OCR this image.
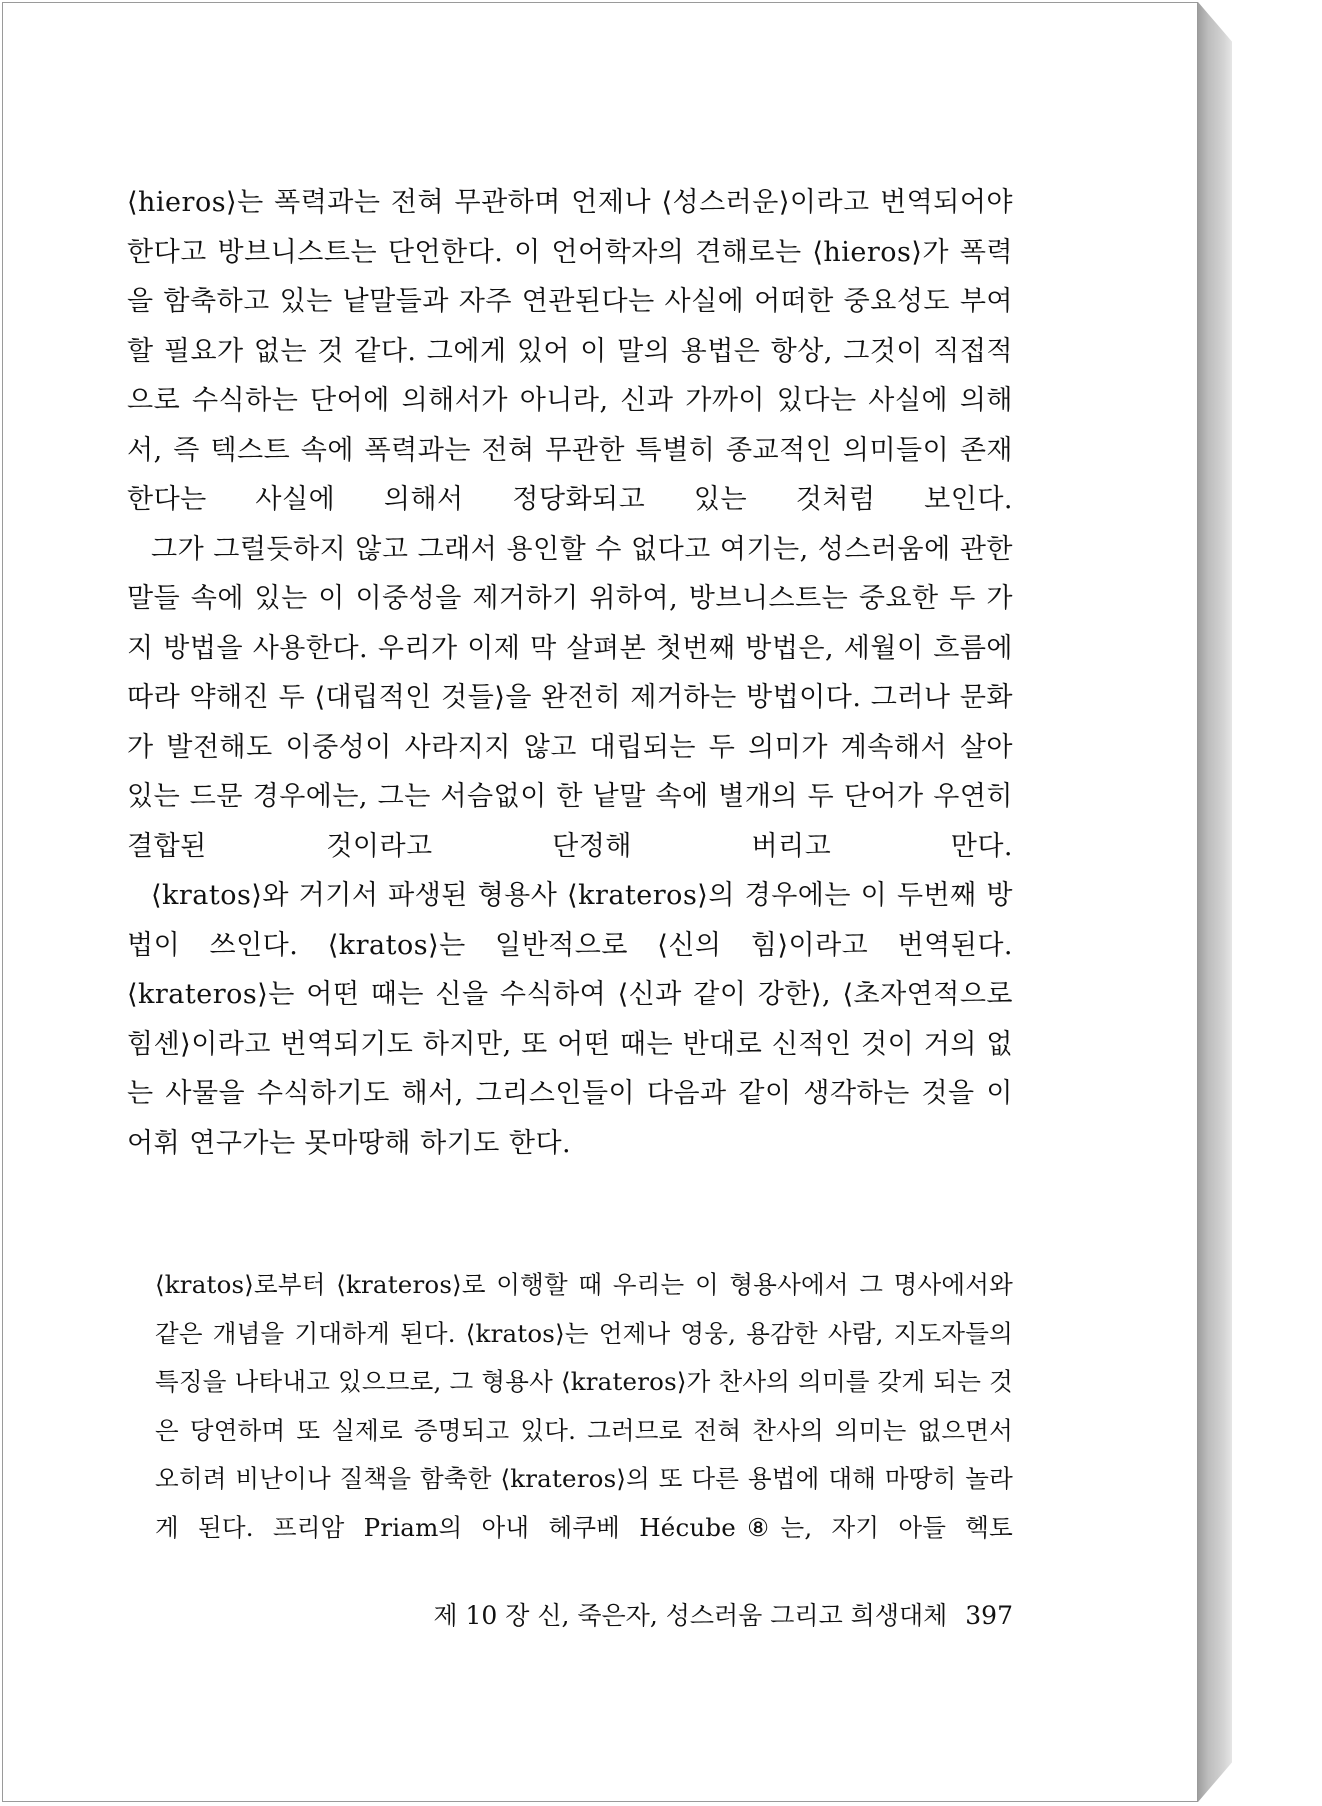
⟨hieros⟩는 폭력과는 전혀 무관하며 언제나 ⟨성스러운⟩이라고 번역되어야 한다고 방브니스트는 단언한다. 이 언어학자의 견해로는 ⟨hieros⟩가 폭력을 함축하고 있는 낱말들과 자주 연관된다는 사실에 어떠한 중요성도 부여할 필요가 없는 것 같다. 그에게 있어 이 말의 용법은 항상, 그것이 직접적으로 수식하는 단어에 의해서가 아니라, 신과 가까이 있다는 사실에 의해서, 즉 텍스트 속에 폭력과는 전혀 무관한 특별히 종교적인 의미들이 존재한다는 사실에 의해서 정당화되고 있는 것처럼 보인다.

그가 그럴듯하지 않고 그래서 용인할 수 없다고 여기는, 성스러움에 관한 말들 속에 있는 이 이중성을 제거하기 위하여, 방브니스트는 중요한 두 가지 방법을 사용한다. 우리가 이제 막 살펴본 첫번째 방법은, 세월이 흐름에 따라 약해진 두 ⟨대립적인 것들⟩을 완전히 제거하는 방법이다. 그러나 문화가 발전해도 이중성이 사라지지 않고 대립되는 두 의미가 계속해서 살아 있는 드문 경우에는, 그는 서슴없이 한 낱말 속에 별개의 두 단어가 우연히 결합된 것이라고 단정해 버리고 만다.

⟨kratos⟩와 거기서 파생된 형용사 ⟨krateros⟩의 경우에는 이 두번째 방법이 쓰인다. ⟨kratos⟩는 일반적으로 ⟨신의 힘⟩이라고 번역된다. ⟨krateros⟩는 어떤 때는 신을 수식하여 ⟨신과 같이 강한⟩, ⟨초자연적으로 힘센⟩이라고 번역되기도 하지만, 또 어떤 때는 반대로 신적인 것이 거의 없는 사물을 수식하기도 해서, 그리스인들이 다음과 같이 생각하는 것을 이 어휘 연구가는 못마땅해 하기도 한다.

⟨kratos⟩로부터 ⟨krateros⟩로 이행할 때 우리는 이 형용사에서 그 명사에서와 같은 개념을 기대하게 된다. ⟨kratos⟩는 언제나 영웅, 용감한 사람, 지도자들의 특징을 나타내고 있으므로, 그 형용사 ⟨krateros⟩가 찬사의 의미를 갖게 되는 것은 당연하며 또 실제로 증명되고 있다. 그러므로 전혀 찬사의 의미는 없으면서 오히려 비난이나 질책을 함축한 ⟨krateros⟩의 또 다른 용법에 대해 마땅히 놀라게 된다. 프리암 Priam의 아내 헤쿠베 Hécube⑧는, 자기 아들 헥토

제 10 장 신, 죽은자, 성스러움 그리고 희생대체 397
